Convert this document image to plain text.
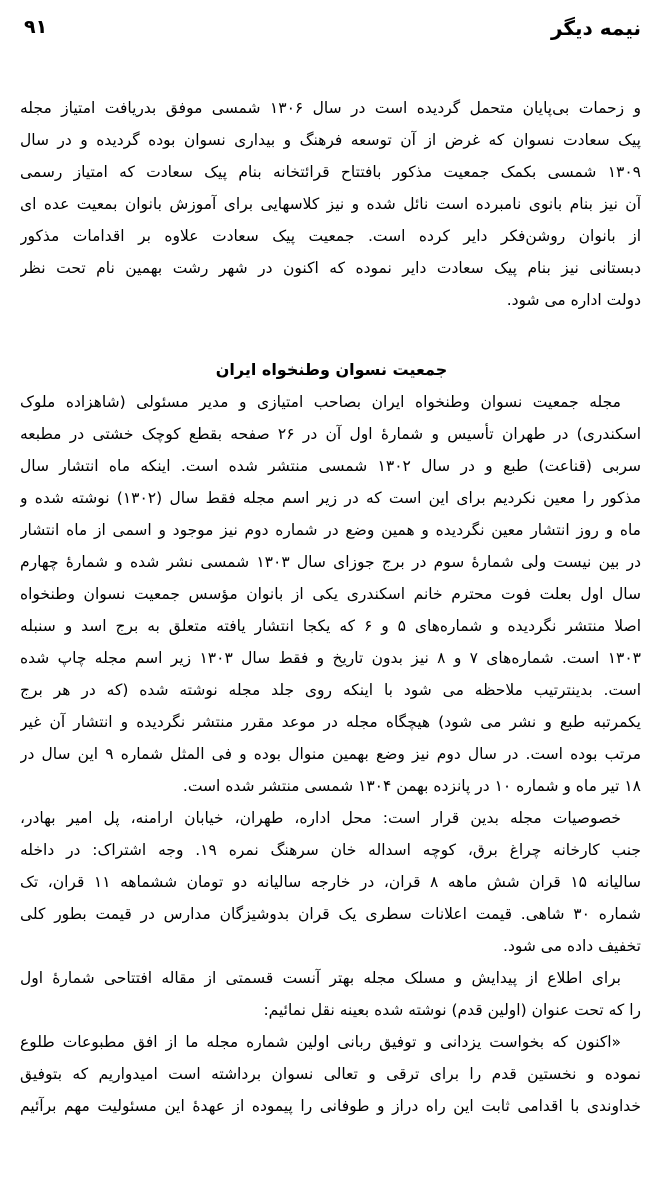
نیمه دیگر
۹۱
و زحمات بی‌پایان متحمل گردیده است در سال ۱۳۰۶ شمسی موفق بدریافت امتیاز مجله
پیک سعادت نسوان که غرض از آن توسعه فرهنگ و بیداری نسوان بوده گردیده و در سال
۱۳۰۹ شمسی بکمک جمعیت مذکور بافتتاح قرائتخانه بنام پیک سعادت که امتیاز رسمی
آن نیز بنام بانوی نامبرده است نائل شده و نیز کلاسهایی برای آموزش بانوان بمعیت عده ای
از بانوان روشن‌فکر دایر کرده است. جمعیت پیک سعادت علاوه بر اقدامات مذکور
دبستانی نیز بنام پیک سعادت دایر نموده که اکنون در شهر رشت بهمین نام تحت نظر
دولت اداره می شود.
جمعیت نسوان وطنخواه ایران
مجله جمعیت نسوان وطنخواه ایران بصاحب امتیازی و مدیر مسئولی (شاهزاده ملوک
اسکندری) در طهران تأسیس و شمارهٔ اول آن در ۲۶ صفحه بقطع کوچک خشتی در مطبعه
سربی (قناعت) طبع و در سال ۱۳۰۲ شمسی منتشر شده است. اینکه ماه انتشار سال
مذکور را معین نکردیم برای این است که در زیر اسم مجله فقط سال (۱۳۰۲) نوشته شده و
ماه و روز انتشار معین نگردیده و همین وضع در شماره دوم نیز موجود و اسمی از ماه انتشار
در بین نیست ولی شمارهٔ سوم در برج جوزای سال ۱۳۰۳ شمسی نشر شده و شمارهٔ چهارم
سال اول بعلت فوت محترم خانم اسکندری یکی از بانوان مؤسس جمعیت نسوان وطنخواه
اصلا منتشر نگردیده و شماره‌های ۵ و ۶ که یکجا انتشار یافته متعلق به برج اسد و سنبله
۱۳۰۳ است. شماره‌های ۷ و ۸ نیز بدون تاریخ و فقط سال ۱۳۰۳ زیر اسم مجله چاپ شده
است. بدینترتیب ملاحظه می شود با اینکه روی جلد مجله نوشته شده (که در هر برج
یکمرتبه طبع و نشر می شود) هیچگاه مجله در موعد مقرر منتشر نگردیده و انتشار آن غیر
مرتب بوده است. در سال دوم نیز وضع بهمین منوال بوده و فی المثل شماره ۹ این سال در
۱۸ تیر ماه و شماره ۱۰ در پانزده بهمن ۱۳۰۴ شمسی منتشر شده است.
خصوصیات مجله بدین قرار است: محل اداره، طهران، خیابان ارامنه، پل امیر بهادر،
جنب کارخانه چراغ برق، کوچه اسداله خان سرهنگ نمره ۱۹. وجه اشتراک: در داخله
سالیانه ۱۵ قران شش ماهه ۸ قران، در خارجه سالیانه دو تومان ششماهه ۱۱ قران، تک
شماره ۳۰ شاهی. قیمت اعلانات سطری یک قران بدوشیزگان مدارس در قیمت بطور کلی
تخفیف داده می شود.
برای اطلاع از پیدایش و مسلک مجله بهتر آنست قسمتی از مقاله افتتاحی شمارهٔ اول
را که تحت عنوان (اولین قدم) نوشته شده بعینه نقل نمائیم:
«اکنون که بخواست یزدانی و توفیق ربانی اولین شماره مجله ما از افق مطبوعات طلوع
نموده و نخستین قدم را برای ترقی و تعالی نسوان برداشته است امیدواریم که بتوفیق
خداوندی با اقدامی ثابت این راه دراز و طوفانی را پیموده از عهدهٔ این مسئولیت مهم برآئیم
